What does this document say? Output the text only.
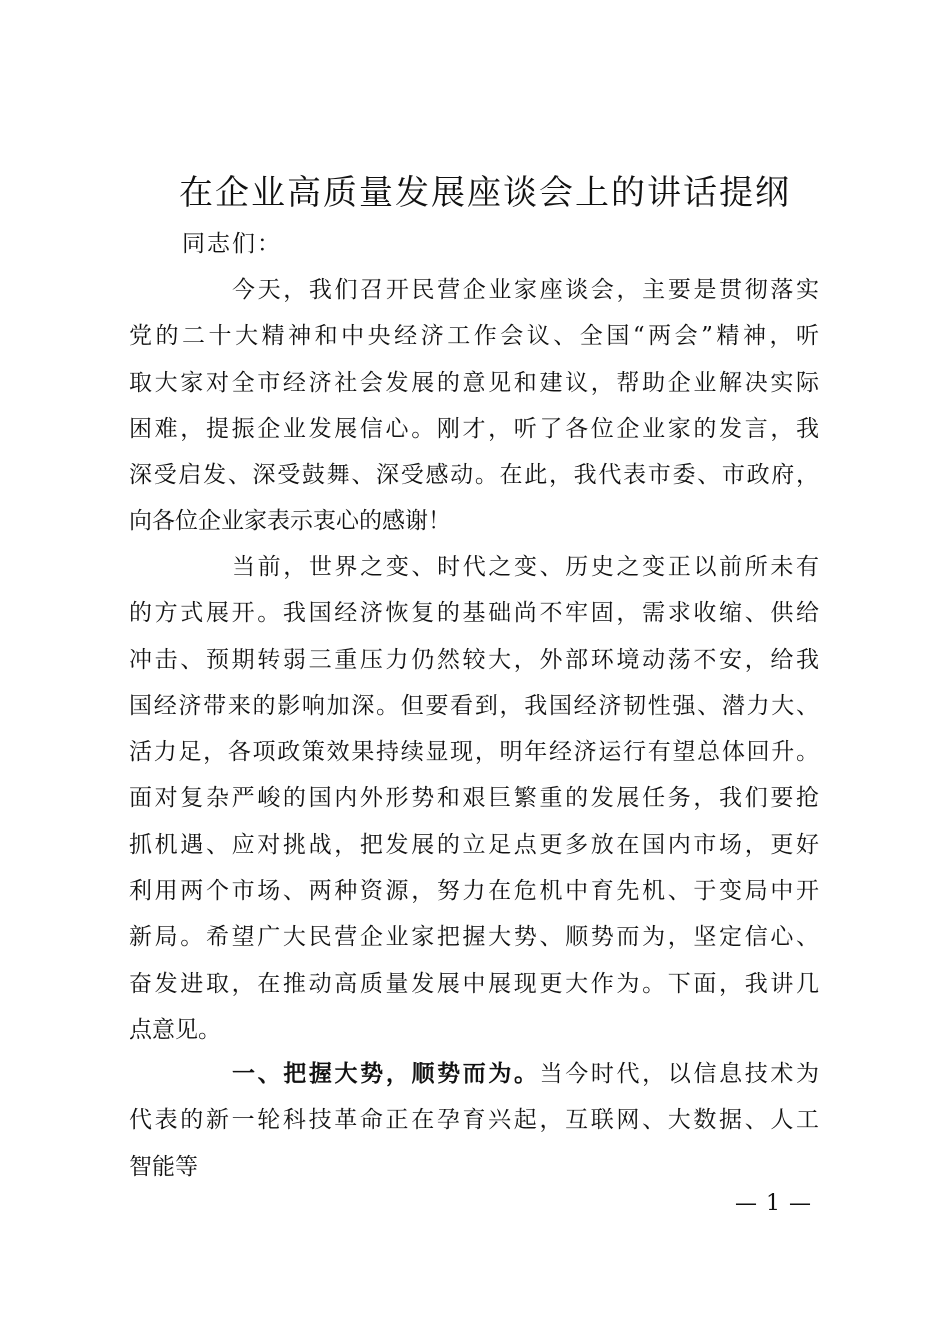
在企业高质量发展座谈会上的讲话提纲
同志们：
今天，我们召开民营企业家座谈会，主要是贯彻落实
党的二十大精神和中央经济工作会议、全国“两会”精神，听
取大家对全市经济社会发展的意见和建议，帮助企业解决实际
困难，提振企业发展信心。刚才，听了各位企业家的发言，我
深受启发、深受鼓舞、深受感动。在此，我代表市委、市政府，
向各位企业家表示衷心的感谢！
当前，世界之变、时代之变、历史之变正以前所未有
的方式展开。我国经济恢复的基础尚不牢固，需求收缩、供给
冲击、预期转弱三重压力仍然较大，外部环境动荡不安，给我
国经济带来的影响加深。但要看到，我国经济韧性强、潜力大、
活力足，各项政策效果持续显现，明年经济运行有望总体回升。
面对复杂严峻的国内外形势和艰巨繁重的发展任务，我们要抢
抓机遇、应对挑战，把发展的立足点更多放在国内市场，更好
利用两个市场、两种资源，努力在危机中育先机、于变局中开
新局。希望广大民营企业家把握大势、顺势而为，坚定信心、
奋发进取，在推动高质量发展中展现更大作为。下面，我讲几
点意见。
一、把握大势，顺势而为。当今时代，以信息技术为
代表的新一轮科技革命正在孕育兴起，互联网、大数据、人工
智能等
— 1 —
